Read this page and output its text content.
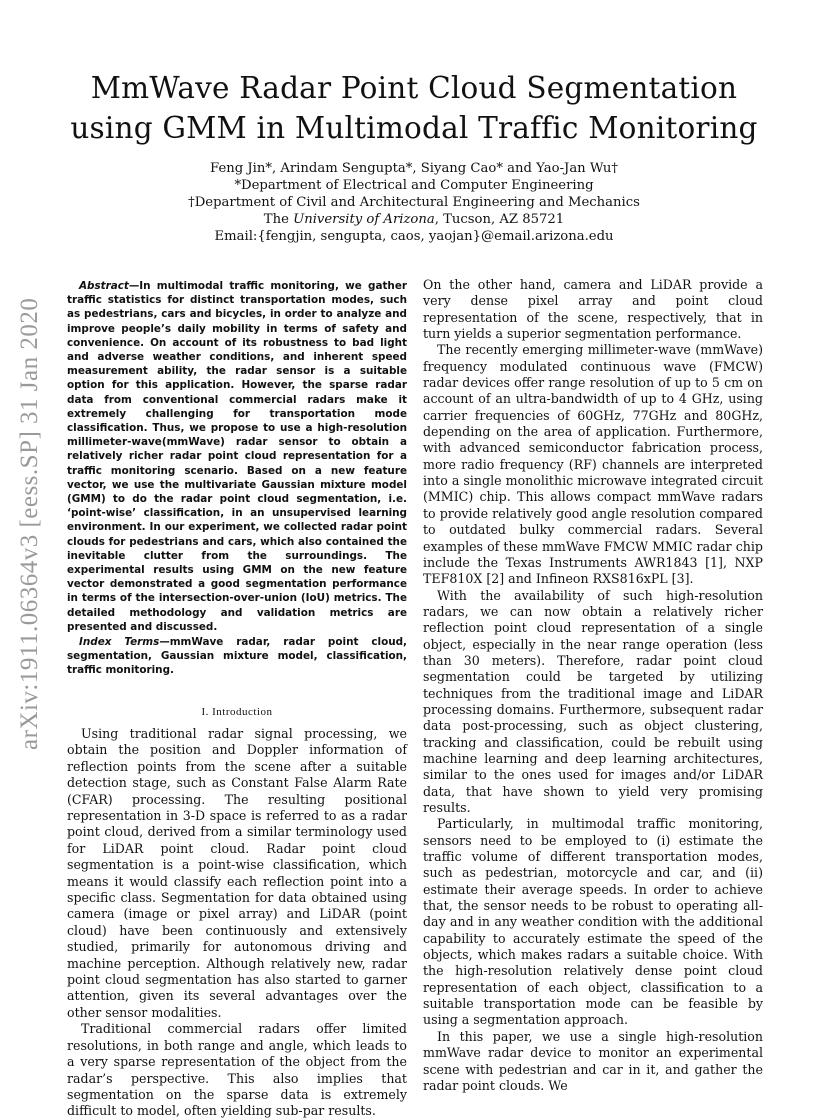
MmWave Radar Point Cloud Segmentation
using GMM in Multimodal Traffic Monitoring
Feng Jin*, Arindam Sengupta*, Siyang Cao* and Yao-Jan Wu†
*Department of Electrical and Computer Engineering
†Department of Civil and Architectural Engineering and Mechanics
The University of Arizona, Tucson, AZ 85721
Email:{fengjin, sengupta, caos, yaojan}@email.arizona.edu
arXiv:1911.06364v3 [eess.SP] 31 Jan 2020

Abstract—In multimodal traffic monitoring, we gather traffic statistics for distinct transportation modes, such as pedestrians, cars and bicycles, in order to analyze and improve people’s daily mobility in terms of safety and convenience. On account of its robustness to bad light and adverse weather conditions, and inherent speed measurement ability, the radar sensor is a suitable option for this application. However, the sparse radar data from conventional commercial radars make it extremely challenging for transportation mode classification. Thus, we propose to use a high-resolution millimeter-wave(mmWave) radar sensor to obtain a relatively richer radar point cloud representation for a traffic monitoring scenario. Based on a new feature vector, we use the multivariate Gaussian mixture model (GMM) to do the radar point cloud segmentation, i.e. ‘point-wise’ classification, in an unsupervised learning environment. In our experiment, we collected radar point clouds for pedestrians and cars, which also contained the inevitable clutter from the surroundings. The experimental results using GMM on the new feature vector demonstrated a good segmentation performance in terms of the intersection-over-union (IoU) metrics. The detailed methodology and validation metrics are presented and discussed.

Index Terms—mmWave radar, radar point cloud, segmentation, Gaussian mixture model, classification, traffic monitoring.

I. Introduction

Using traditional radar signal processing, we obtain the position and Doppler information of reflection points from the scene after a suitable detection stage, such as Constant False Alarm Rate (CFAR) processing. The resulting positional representation in 3-D space is referred to as a radar point cloud, derived from a similar terminology used for LiDAR point cloud. Radar point cloud segmentation is a point-wise classification, which means it would classify each reflection point into a specific class. Segmentation for data obtained using camera (image or pixel array) and LiDAR (point cloud) have been continuously and extensively studied, primarily for autonomous driving and machine perception. Although relatively new, radar point cloud segmentation has also started to garner attention, given its several advantages over the other sensor modalities.

Traditional commercial radars offer limited resolutions, in both range and angle, which leads to a very sparse representation of the object from the radar’s perspective. This also implies that segmentation on the sparse data is extremely difficult to model, often yielding sub-par results.

On the other hand, camera and LiDAR provide a very dense pixel array and point cloud representation of the scene, respectively, that in turn yields a superior segmentation performance.

The recently emerging millimeter-wave (mmWave) frequency modulated continuous wave (FMCW) radar devices offer range resolution of up to 5 cm on account of an ultra-bandwidth of up to 4 GHz, using carrier frequencies of 60GHz, 77GHz and 80GHz, depending on the area of application. Furthermore, with advanced semiconductor fabrication process, more radio frequency (RF) channels are interpreted into a single monolithic microwave integrated circuit (MMIC) chip. This allows compact mmWave radars to provide relatively good angle resolution compared to outdated bulky commercial radars. Several examples of these mmWave FMCW MMIC radar chip include the Texas Instruments AWR1843 [1], NXP TEF810X [2] and Infineon RXS816xPL [3].

With the availability of such high-resolution radars, we can now obtain a relatively richer reflection point cloud representation of a single object, especially in the near range operation (less than 30 meters). Therefore, radar point cloud segmentation could be targeted by utilizing techniques from the traditional image and LiDAR processing domains. Furthermore, subsequent radar data post-processing, such as object clustering, tracking and classification, could be rebuilt using machine learning and deep learning architectures, similar to the ones used for images and/or LiDAR data, that have shown to yield very promising results.

Particularly, in multimodal traffic monitoring, sensors need to be employed to (i) estimate the traffic volume of different transportation modes, such as pedestrian, motorcycle and car, and (ii) estimate their average speeds. In order to achieve that, the sensor needs to be robust to operating all-day and in any weather condition with the additional capability to accurately estimate the speed of the objects, which makes radars a suitable choice. With the high-resolution relatively dense point cloud representation of each object, classification to a suitable transportation mode can be feasible by using a segmentation approach.

In this paper, we use a single high-resolution mmWave radar device to monitor an experimental scene with pedestrian and car in it, and gather the radar point clouds. We
